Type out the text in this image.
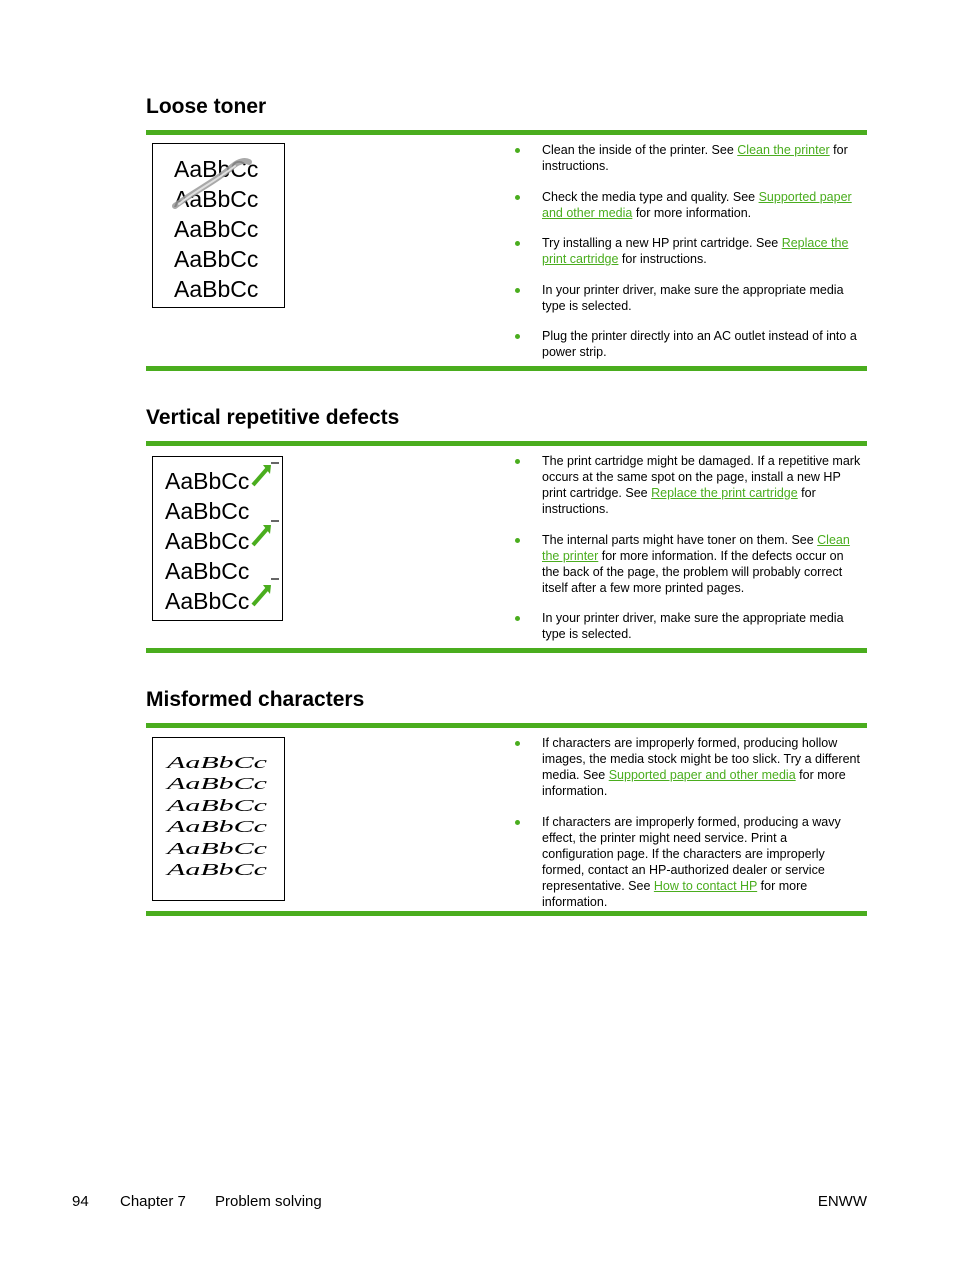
Loose toner
AaBbCc
AaBbCc
AaBbCc
AaBbCc
AaBbCc
Clean the inside of the printer. See Clean the printer for instructions.
Check the media type and quality. See Supported paper and other media for more information.
Try installing a new HP print cartridge. See Replace the print cartridge for instructions.
In your printer driver, make sure the appropriate media type is selected.
Plug the printer directly into an AC outlet instead of into a power strip.
Vertical repetitive defects
AaBbCc
AaBbCc
AaBbCc
AaBbCc
AaBbCc
The print cartridge might be damaged. If a repetitive mark occurs at the same spot on the page, install a new HP print cartridge. See Replace the print cartridge for instructions.
The internal parts might have toner on them. See Clean the printer for more information. If the defects occur on the back of the page, the problem will probably correct itself after a few more printed pages.
In your printer driver, make sure the appropriate media type is selected.
Misformed characters
AaBbCc
AaBbCc
AaBbCc
AaBbCc
AaBbCc
AaBbCc
If characters are improperly formed, producing hollow images, the media stock might be too slick. Try a different media. See Supported paper and other media for more information.
If characters are improperly formed, producing a wavy effect, the printer might need service. Print a configuration page. If the characters are improperly formed, contact an HP-authorized dealer or service representative. See How to contact HP for more information.
94 Chapter 7 Problem solving	ENWW
